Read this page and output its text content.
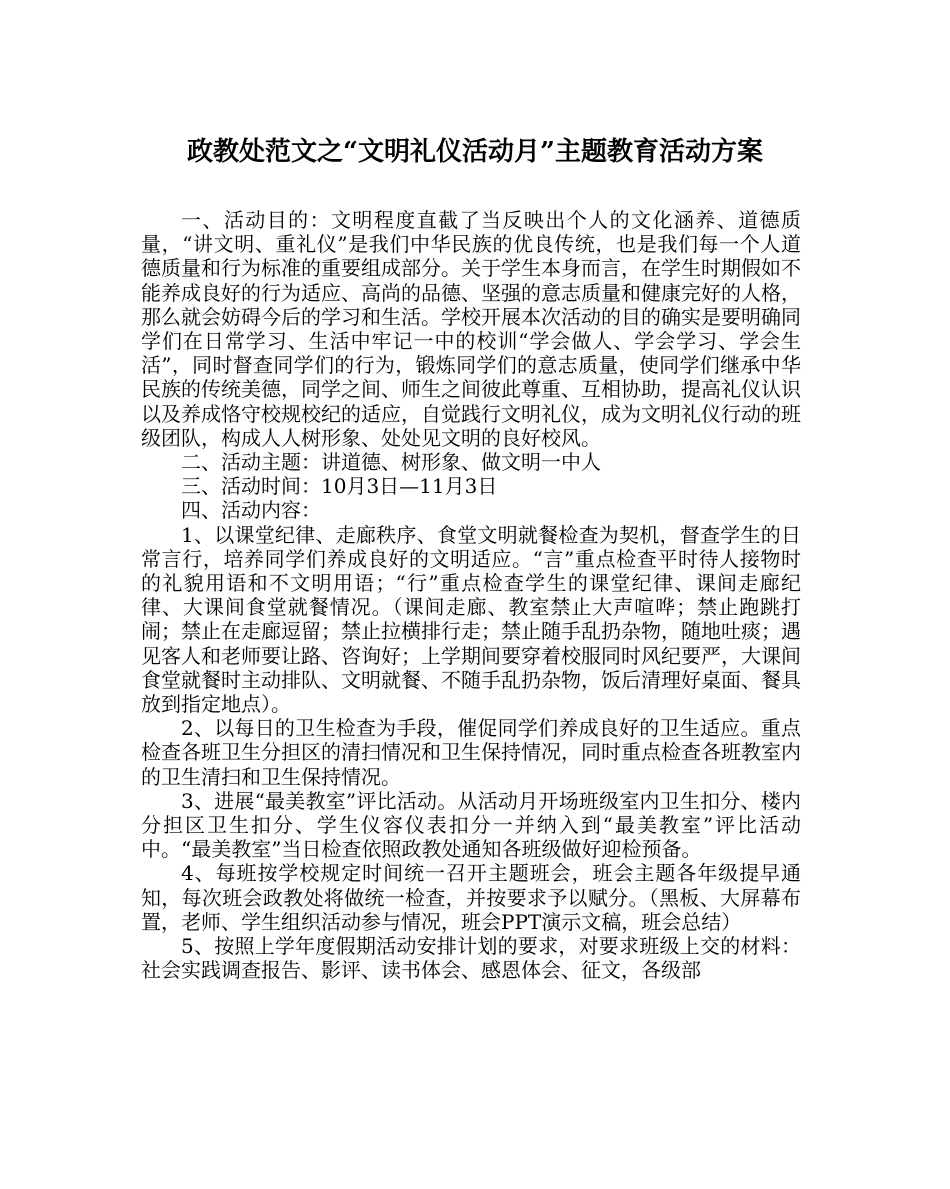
政教处范文之“文明礼仪活动月”主题教育活动方案

一、活动目的：文明程度直截了当反映出个人的文化涵养、道德质量，“讲文明、重礼仪”是我们中华民族的优良传统，也是我们每一个人道德质量和行为标准的重要组成部分。关于学生本身而言，在学生时期假如不能养成良好的行为适应、高尚的品德、坚强的意志质量和健康完好的人格，那么就会妨碍今后的学习和生活。学校开展本次活动的目的确实是要明确同学们在日常学习、生活中牢记一中的校训“学会做人、学会学习、学会生活”，同时督查同学们的行为，锻炼同学们的意志质量，使同学们继承中华民族的传统美德，同学之间、师生之间彼此尊重、互相协助，提高礼仪认识以及养成恪守校规校纪的适应，自觉践行文明礼仪，成为文明礼仪行动的班级团队，构成人人树形象、处处见文明的良好校风。

二、活动主题：讲道德、树形象、做文明一中人

三、活动时间：10月3日—11月3日

四、活动内容：

1、以课堂纪律、走廊秩序、食堂文明就餐检查为契机，督查学生的日常言行，培养同学们养成良好的文明适应。“言”重点检查平时待人接物时的礼貌用语和不文明用语；“行”重点检查学生的课堂纪律、课间走廊纪律、大课间食堂就餐情况。（课间走廊、教室禁止大声喧哗；禁止跑跳打闹；禁止在走廊逗留；禁止拉横排行走；禁止随手乱扔杂物，随地吐痰；遇见客人和老师要让路、咨询好；上学期间要穿着校服同时风纪要严，大课间食堂就餐时主动排队、文明就餐、不随手乱扔杂物，饭后清理好桌面、餐具放到指定地点）。

2、以每日的卫生检查为手段，催促同学们养成良好的卫生适应。重点检查各班卫生分担区的清扫情况和卫生保持情况，同时重点检查各班教室内的卫生清扫和卫生保持情况。

3、进展“最美教室”评比活动。从活动月开场班级室内卫生扣分、楼内分担区卫生扣分、学生仪容仪表扣分一并纳入到“最美教室”评比活动中。“最美教室”当日检查依照政教处通知各班级做好迎检预备。

4、每班按学校规定时间统一召开主题班会，班会主题各年级提早通知，每次班会政教处将做统一检查，并按要求予以赋分。（黑板、大屏幕布置，老师、学生组织活动参与情况，班会PPT演示文稿，班会总结）

5、按照上学年度假期活动安排计划的要求，对要求班级上交的材料：社会实践调查报告、影评、读书体会、感恩体会、征文，各级部
